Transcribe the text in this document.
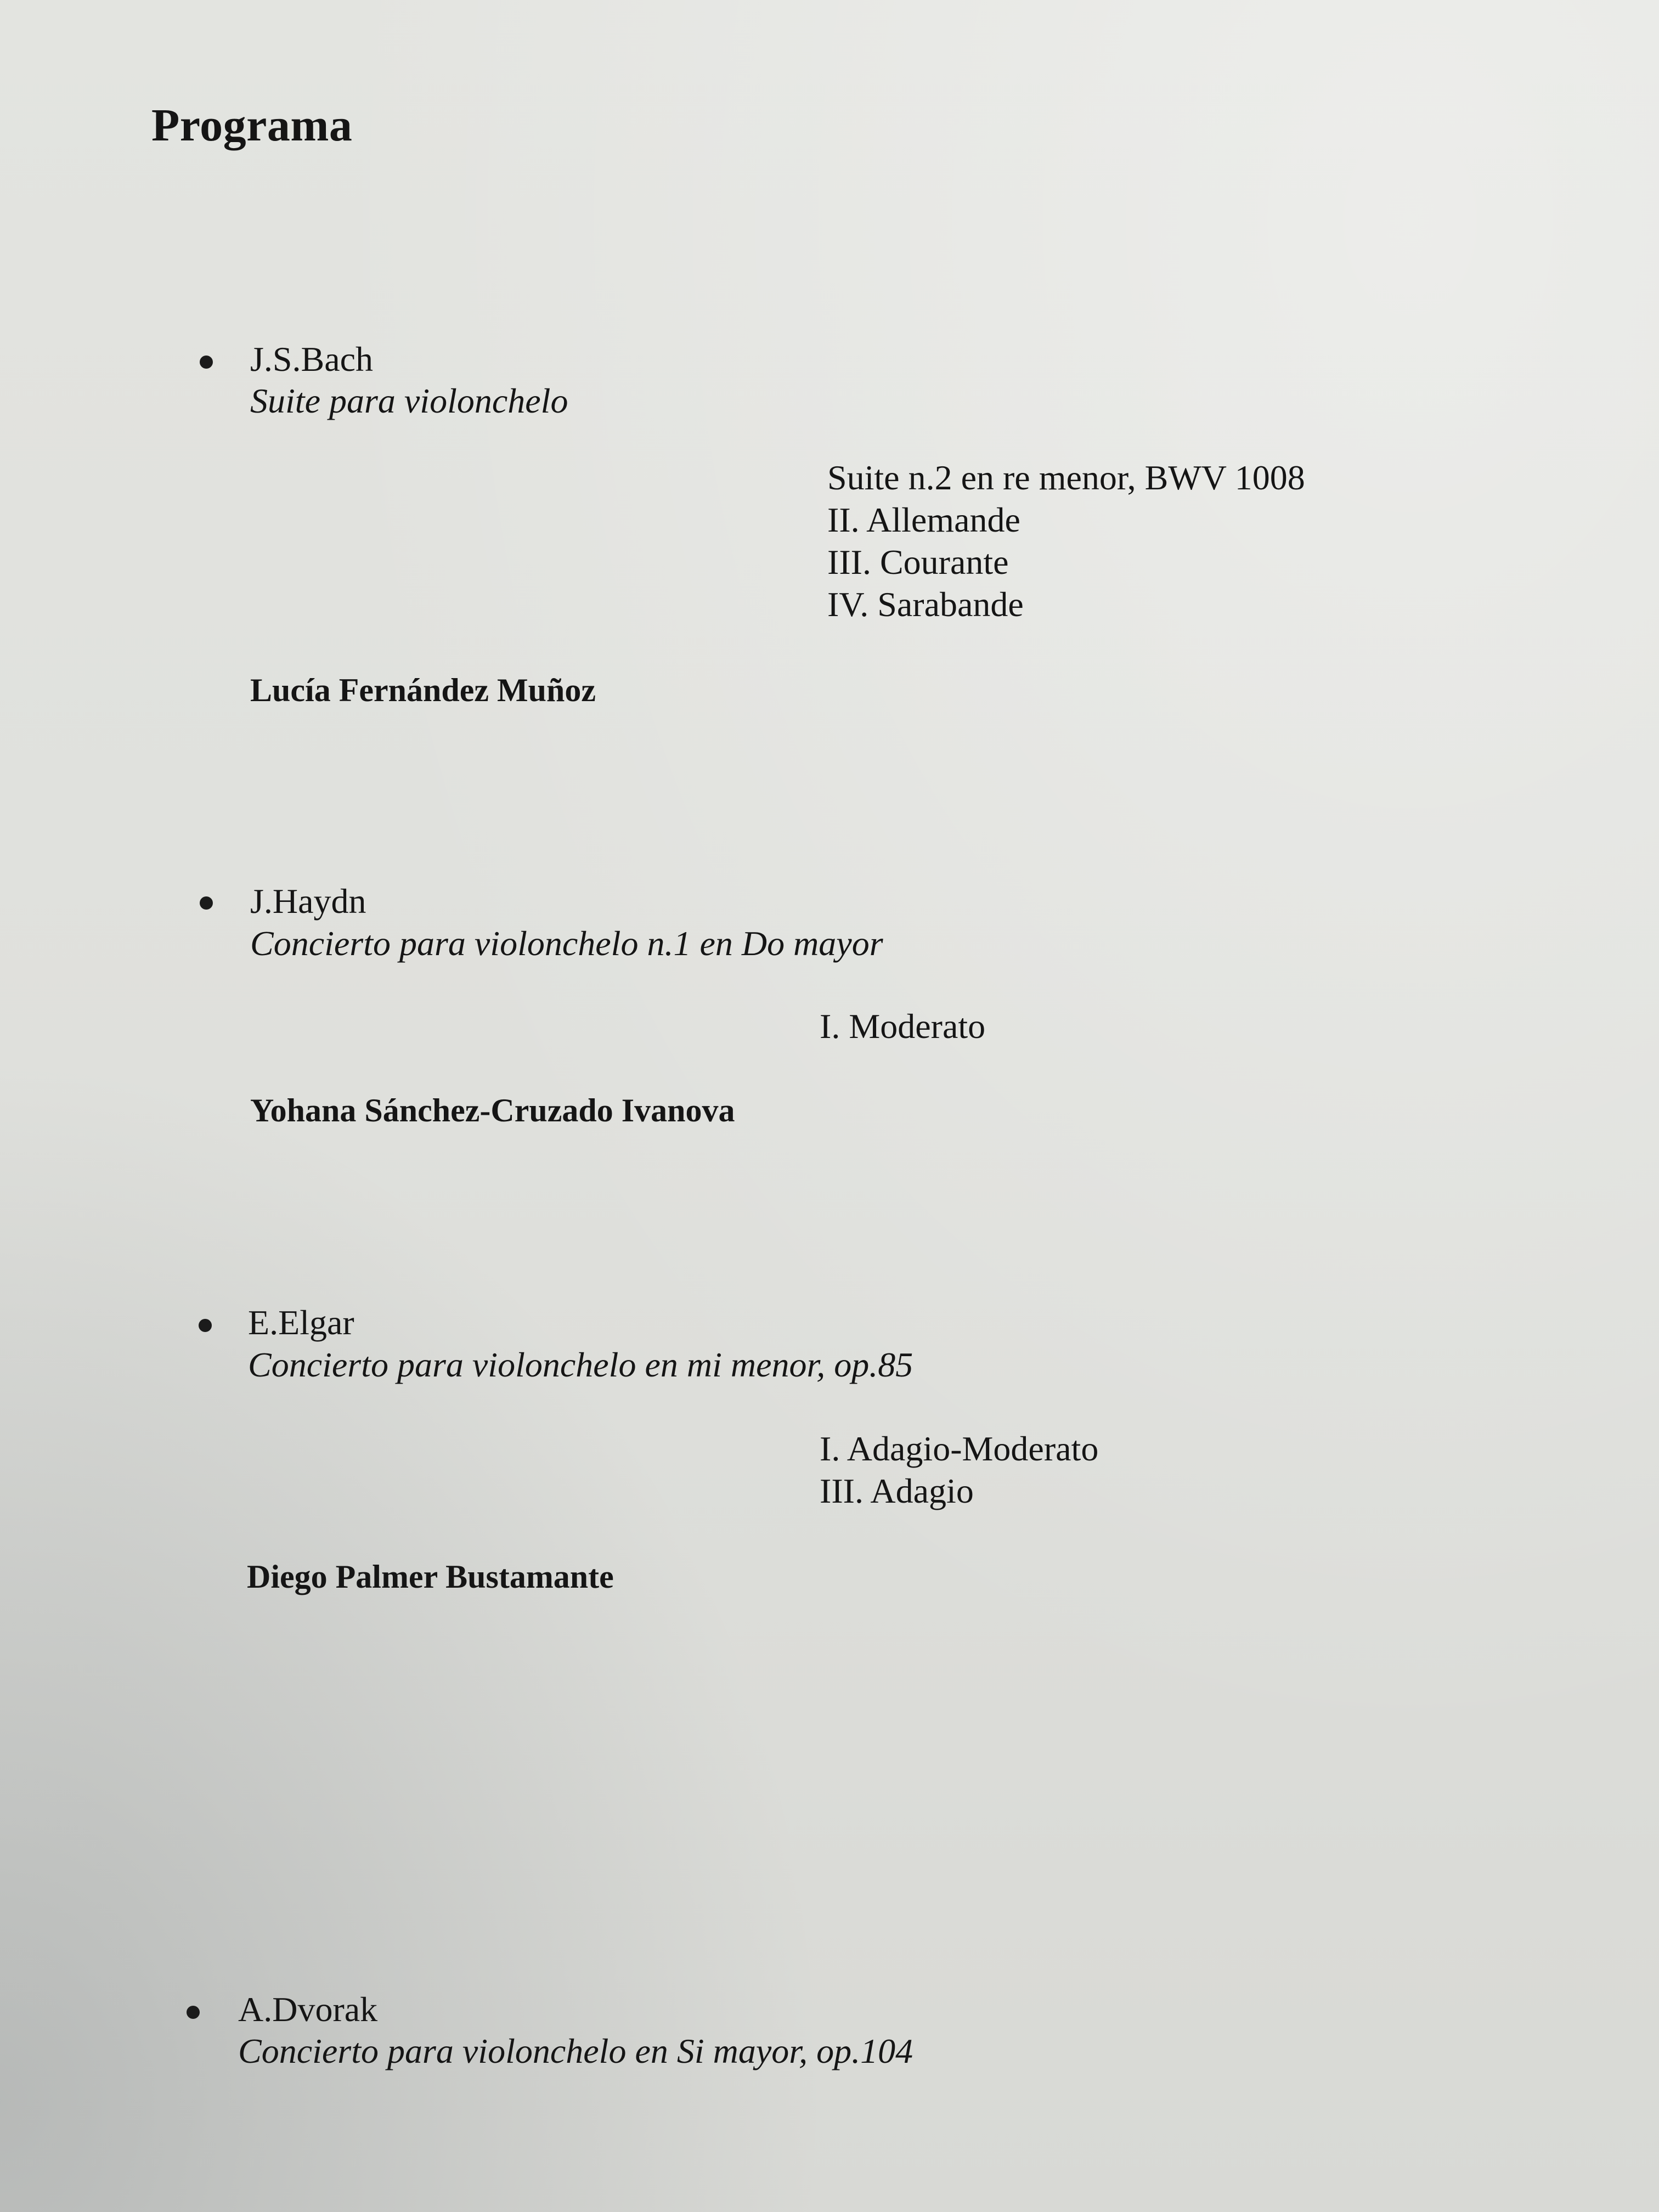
Programa
J.S.Bach
Suite para violonchelo
Suite n.2 en re menor, BWV 1008
II. Allemande
III. Courante
IV. Sarabande
Lucía Fernández Muñoz
J.Haydn
Concierto para violonchelo n.1 en Do mayor
I. Moderato
Yohana Sánchez-Cruzado Ivanova
E.Elgar
Concierto para violonchelo en mi menor, op.85
I. Adagio-Moderato
III. Adagio
Diego Palmer Bustamante
A.Dvorak
Concierto para violonchelo en Si mayor, op.104
